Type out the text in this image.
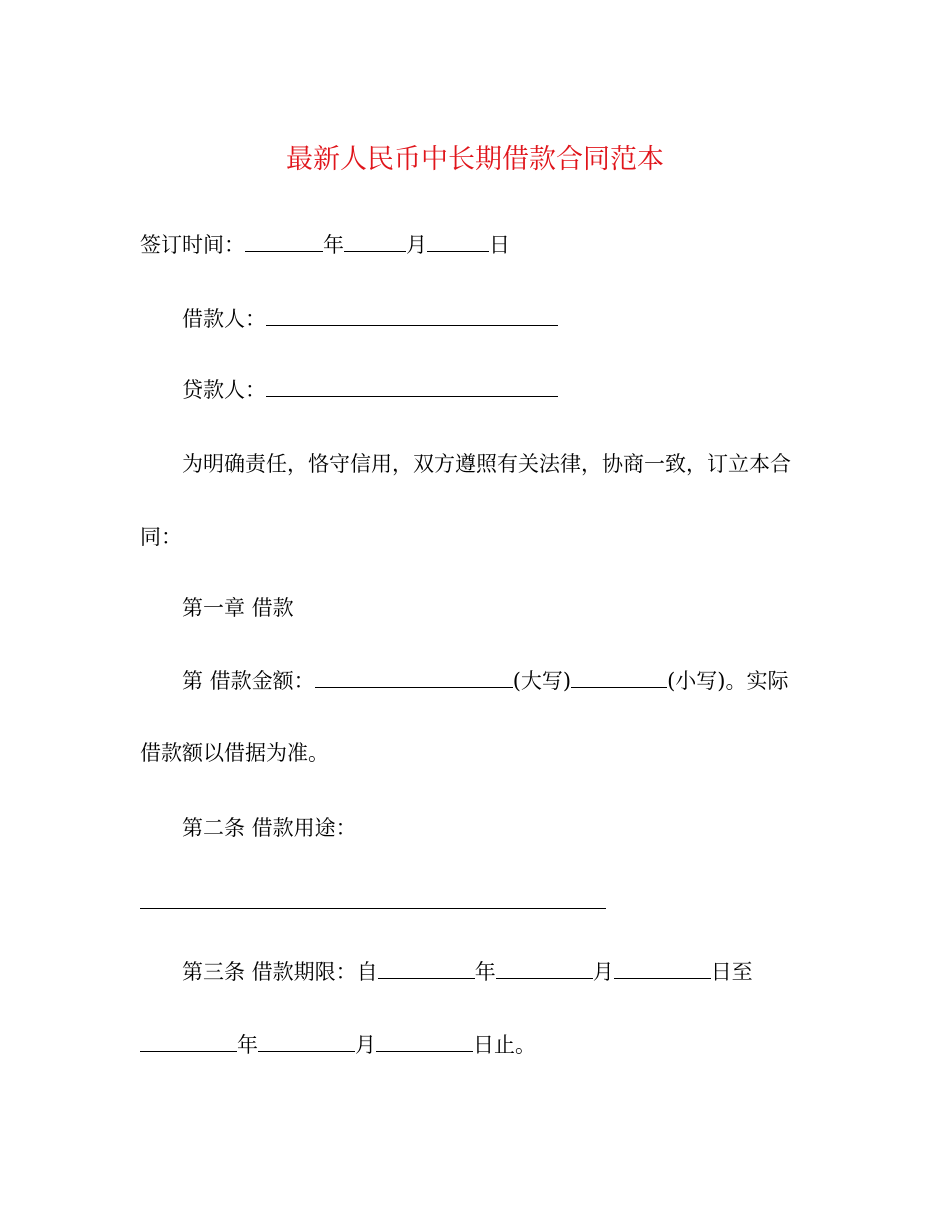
最新人民币中长期借款合同范本
签订时间：	年	月	日
借款人：
贷款人：
为明确责任，恪守信用，双方遵照有关法律，协商一致，订立本合
同：
第一章 借款
第 借款金额：	(大写)	(小写)。实际
借款额以借据为准。
第二条 借款用途：
第三条 借款期限：自	年	月	日至
年	月	日止。
